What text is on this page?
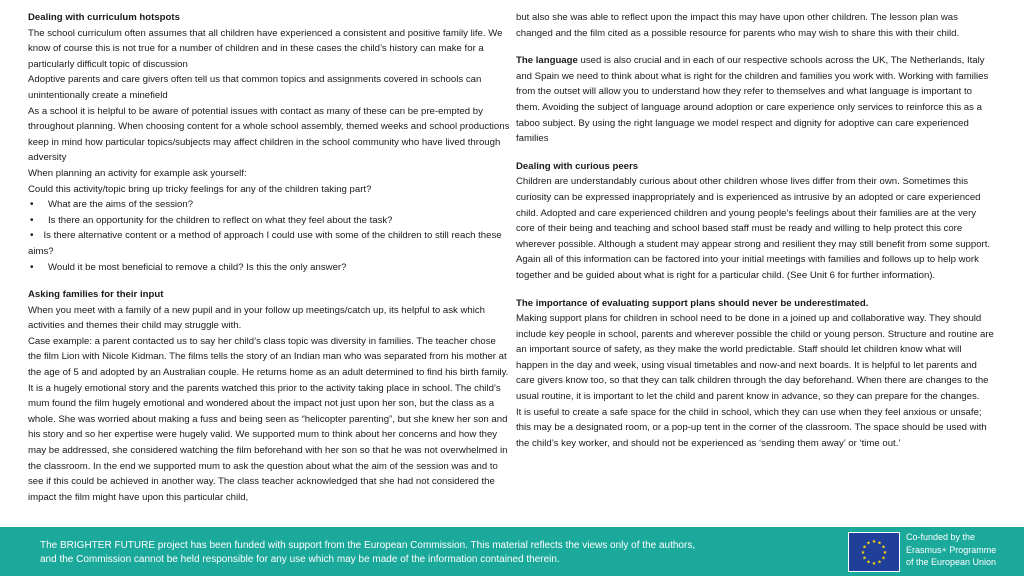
Dealing with curriculum hotspots

The school curriculum often assumes that all children have experienced a consistent and positive family life. We know of course this is not true for a number of children and in these cases the child’s history can make for a particularly difficult topic of discussion

Adoptive parents and care givers often tell us that common topics and assignments covered in schools can unintentionally create a minefield

As a school it is helpful to be aware of potential issues with contact as many of these can be pre-empted by throughout planning. When choosing content for a whole school assembly, themed weeks and school productions keep in mind how particular topics/subjects may affect children in the school community who have lived through adversity

When planning an activity for example ask yourself:

Could this activity/topic bring up tricky feelings for any of the children taking part?

• What are the aims of the session?
• Is there an opportunity for the children to reflect on what they feel about the task?
• Is there alternative content or a method of approach I could use with some of the children to still reach these aims?
• Would it be most beneficial to remove a child? Is this the only answer?

Asking families for their input

When you meet with a family of a new pupil and in your follow up meetings/catch up, its helpful to ask which activities and themes their child may struggle with.

Case example: a parent contacted us to say her child’s class topic was diversity in families. The teacher chose the film Lion with Nicole Kidman. The films tells the story of an Indian man who was separated from his mother at the age of 5 and adopted by an Australian couple. He returns home as an adult determined to find his birth family. It is a hugely emotional story and the parents watched this prior to the activity taking place in school. The child’s mum found the film hugely emotional and wondered about the impact not just upon her son, but the class as a whole. She was worried about making a fuss and being seen as “helicopter parenting”, but she knew her son and his story and so her expertise were hugely valid. We supported mum to think about her concerns and how they may be addressed, she considered watching the film beforehand with her son so that he was not overwhelmed in the classroom. In the end we supported mum to ask the question about what the aim of the session was and to see if this could be achieved in another way. The class teacher acknowledged that she had not considered the impact the film might have upon this particular child,

but also she was able to reflect upon the impact this may have upon other children. The lesson plan was changed and the film cited as a possible resource for parents who may wish to share this with their child.

The language used is also crucial and in each of our respective schools across the UK, The Netherlands, Italy and Spain we need to think about what is right for the children and families you work with. Working with families from the outset will allow you to understand how they refer to themselves and what language is important to them. Avoiding the subject of language around adoption or care experience only services to reinforce this as a taboo subject. By using the right language we model respect and dignity for adoptive can care experienced families

Dealing with curious peers

Children are understandably curious about other children whose lives differ from their own. Sometimes this curiosity can be expressed inappropriately and is experienced as intrusive by an adopted or care experienced child. Adopted and care experienced children and young people’s feelings about their families are at the very core of their being and teaching and school based staff must be ready and willing to help protect this core wherever possible. Although a student may appear strong and resilient they may still benefit from some support. Again all of this information can be factored into your initial meetings with families and follows up to help work together and be guided about what is right for a particular child. (See Unit 6 for further information).

The importance of evaluating support plans should never be underestimated.

Making support plans for children in school need to be done in a joined up and collaborative way. They should include key people in school, parents and wherever possible the child or young person. Structure and routine are an important source of safety, as they make the world predictable. Staff should let children know what will happen in the day and week, using visual timetables and now-and next boards. It is helpful to let parents and care givers know too, so that they can talk children through the day beforehand. When there are changes to the usual routine, it is important to let the child and parent know in advance, so they can prepare for the changes.

It is useful to create a safe space for the child in school, which they can use when they feel anxious or unsafe; this may be a designated room, or a pop-up tent in the corner of the classroom. The space should be used with the child’s key worker, and should not be experienced as ‘sending them away’ or ‘time out.’

The BRIGHTER FUTURE project has been funded with support from the European Commission. This material reflects the views only of the authors,
and the Commission cannot be held responsible for any use which may be made of the information contained therein.
★
★
★
★
★
★
★
★
★ ★ ★
★
Co-funded by the
Erasmus+ Programme
of the European Union
